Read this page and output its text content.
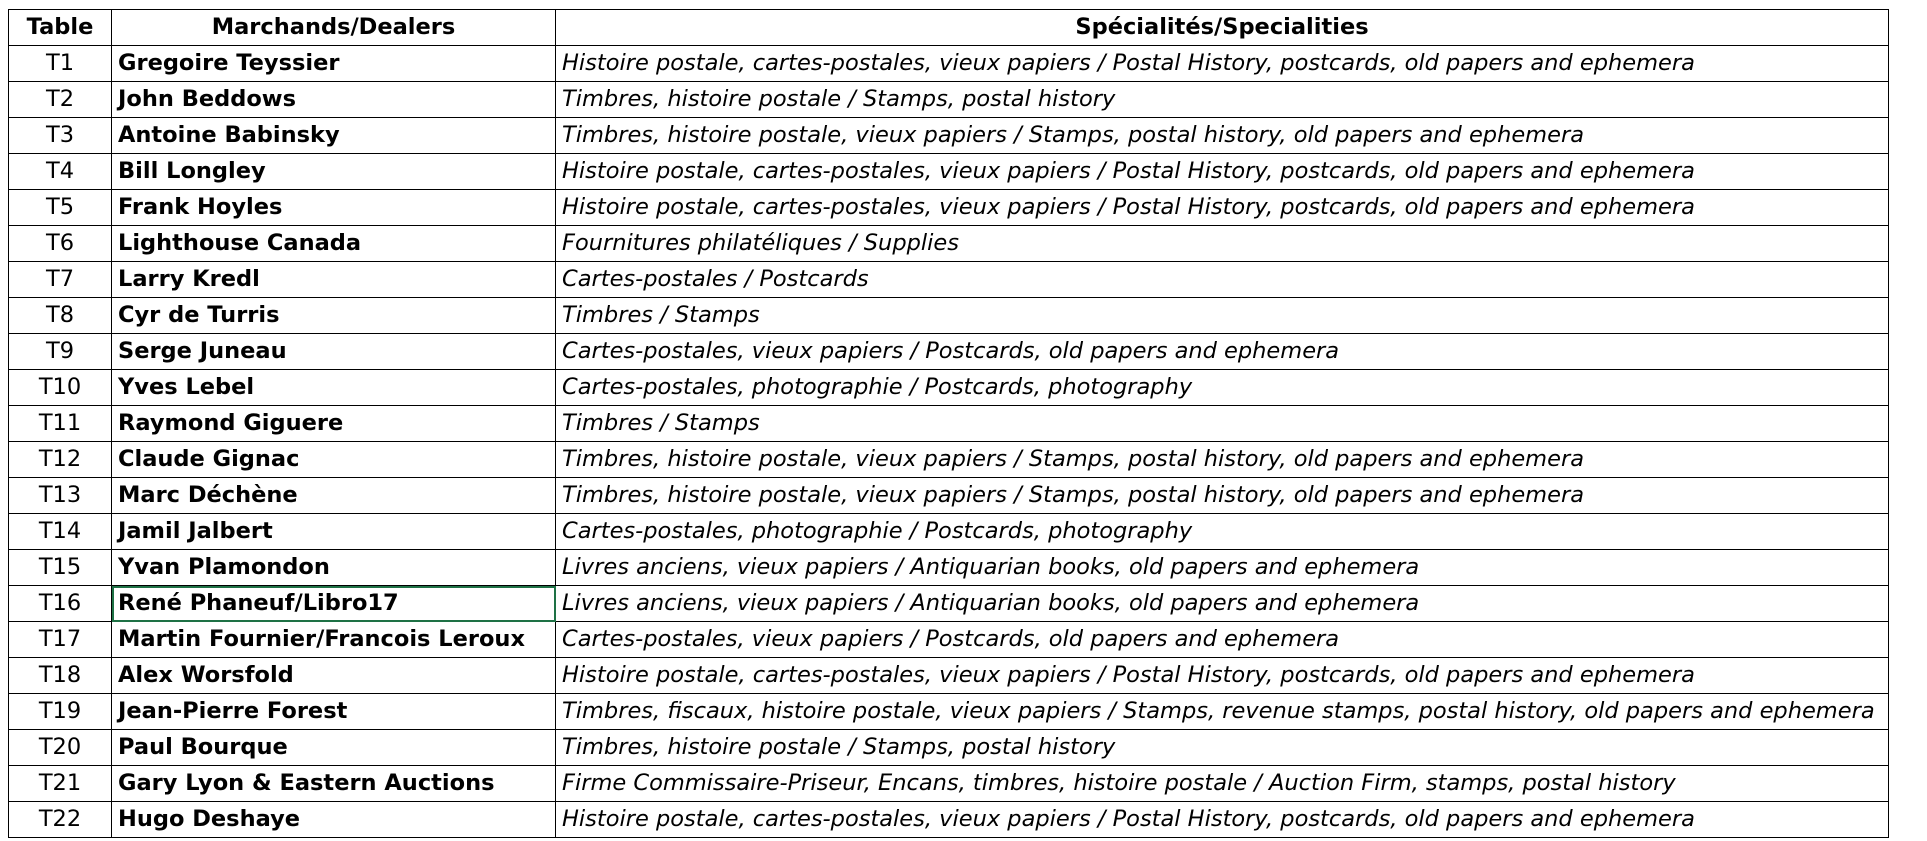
Table	Marchands/Dealers	Spécialités/Specialities
T1	Gregoire Teyssier	Histoire postale, cartes-postales, vieux papiers / Postal History, postcards, old papers and ephemera
T2	John Beddows	Timbres, histoire postale / Stamps, postal history
T3	Antoine Babinsky	Timbres, histoire postale, vieux papiers / Stamps, postal history, old papers and ephemera
T4	Bill Longley	Histoire postale, cartes-postales, vieux papiers / Postal History, postcards, old papers and ephemera
T5	Frank Hoyles	Histoire postale, cartes-postales, vieux papiers / Postal History, postcards, old papers and ephemera
T6	Lighthouse Canada	Fournitures philatéliques / Supplies
T7	Larry Kredl	Cartes-postales / Postcards
T8	Cyr de Turris	Timbres / Stamps
T9	Serge Juneau	Cartes-postales, vieux papiers / Postcards, old papers and ephemera
T10	Yves Lebel	Cartes-postales, photographie / Postcards, photography
T11	Raymond Giguere	Timbres / Stamps
T12	Claude Gignac	Timbres, histoire postale, vieux papiers / Stamps, postal history, old papers and ephemera
T13	Marc Déchène	Timbres, histoire postale, vieux papiers / Stamps, postal history, old papers and ephemera
T14	Jamil Jalbert	Cartes-postales, photographie / Postcards, photography
T15	Yvan Plamondon	Livres anciens, vieux papiers / Antiquarian books, old papers and ephemera
T16	René Phaneuf/Libro17	Livres anciens, vieux papiers / Antiquarian books, old papers and ephemera
T17	Martin Fournier/Francois Leroux	Cartes-postales, vieux papiers / Postcards, old papers and ephemera
T18	Alex Worsfold	Histoire postale, cartes-postales, vieux papiers / Postal History, postcards, old papers and ephemera
T19	Jean-Pierre Forest	Timbres, fiscaux, histoire postale, vieux papiers / Stamps, revenue stamps, postal history, old papers and ephemera
T20	Paul Bourque	Timbres, histoire postale / Stamps, postal history
T21	Gary Lyon & Eastern Auctions	Firme Commissaire-Priseur, Encans, timbres, histoire postale / Auction Firm, stamps, postal history
T22	Hugo Deshaye	Histoire postale, cartes-postales, vieux papiers / Postal History, postcards, old papers and ephemera
